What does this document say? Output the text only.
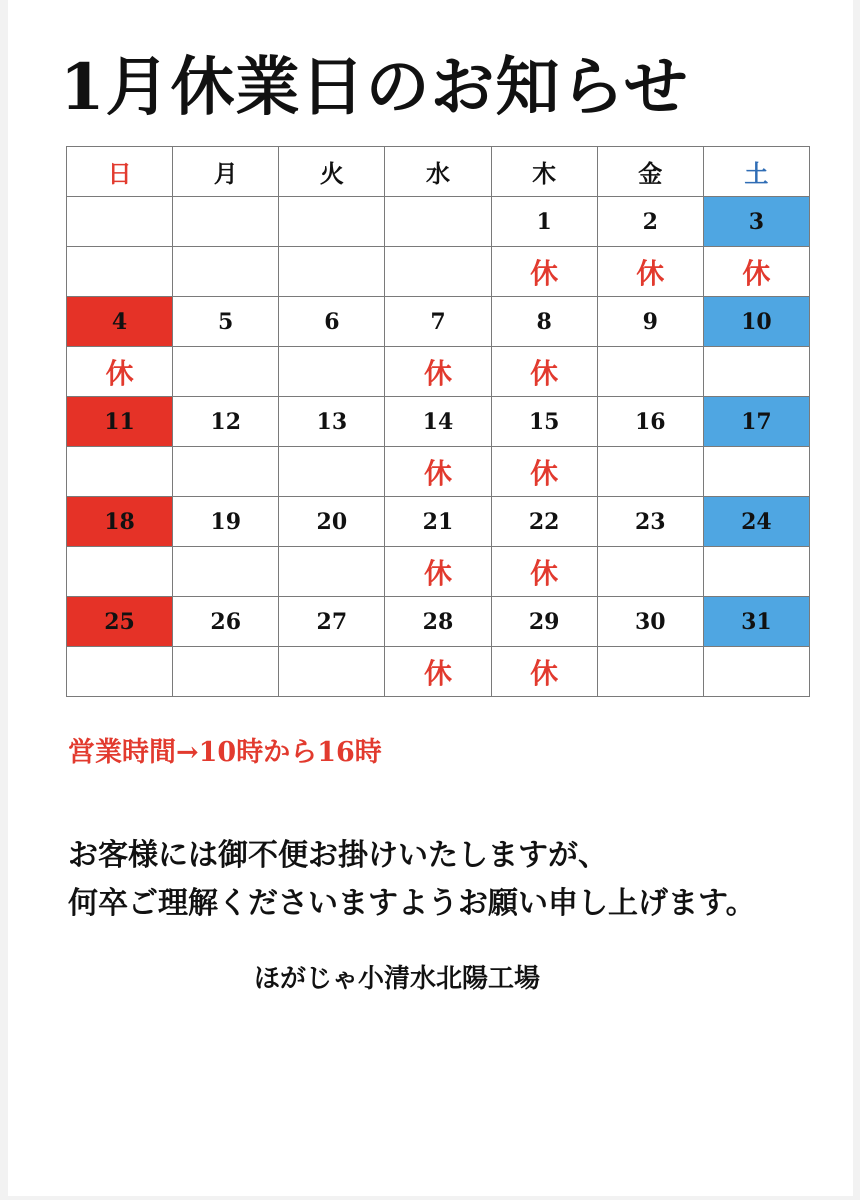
1月休業日のお知らせ
日	月	火	水	木	金	土
				1	2	3
				休	休	休
4	5	6	7	8	9	10
休			休	休		
11	12	13	14	15	16	17
			休	休		
18	19	20	21	22	23	24
			休	休		
25	26	27	28	29	30	31
			休	休		
営業時間→10時から16時
お客様には御不便お掛けいたしますが、
何卒ご理解くださいますようお願い申し上げます。
ほがじゃ小清水北陽工場
